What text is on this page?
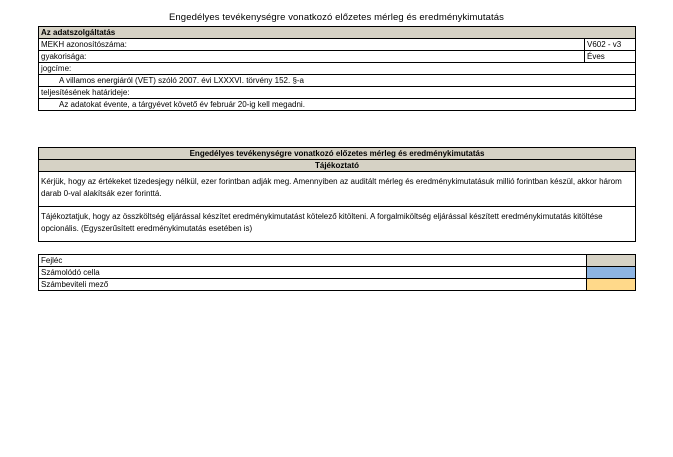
Engedélyes tevékenységre vonatkozó előzetes mérleg és eredménykimutatás
Az adatszolgáltatás	
MEKH azonosítószáma:	V602 - v3
gyakorisága:	Éves
jogcíme:	
A villamos energiáról (VET) szóló 2007. évi LXXXVI. törvény 152. §-a	
teljesítésének határideje:	
Az adatokat évente, a tárgyévet követő év február 20-ig kell megadni.	
Engedélyes tevékenységre vonatkozó előzetes mérleg és eredménykimutatás
Tájékoztató
Kérjük, hogy az értékeket tizedesjegy nélkül, ezer forintban adják meg. Amennyiben az auditált mérleg és eredménykimutatásuk millió forintban készül, akkor három darab 0-val alakítsák ezer forinttá.
Tájékoztatjuk, hogy az összköltség eljárással készítet eredménykimutatást kötelező kitölteni. A forgalmiköltség eljárással készített eredménykimutatás kitöltése opcionális. (Egyszerűsített eredménykimutatás esetében is)
Fejléc	
Számolódó cella	
Számbeviteli mező	
